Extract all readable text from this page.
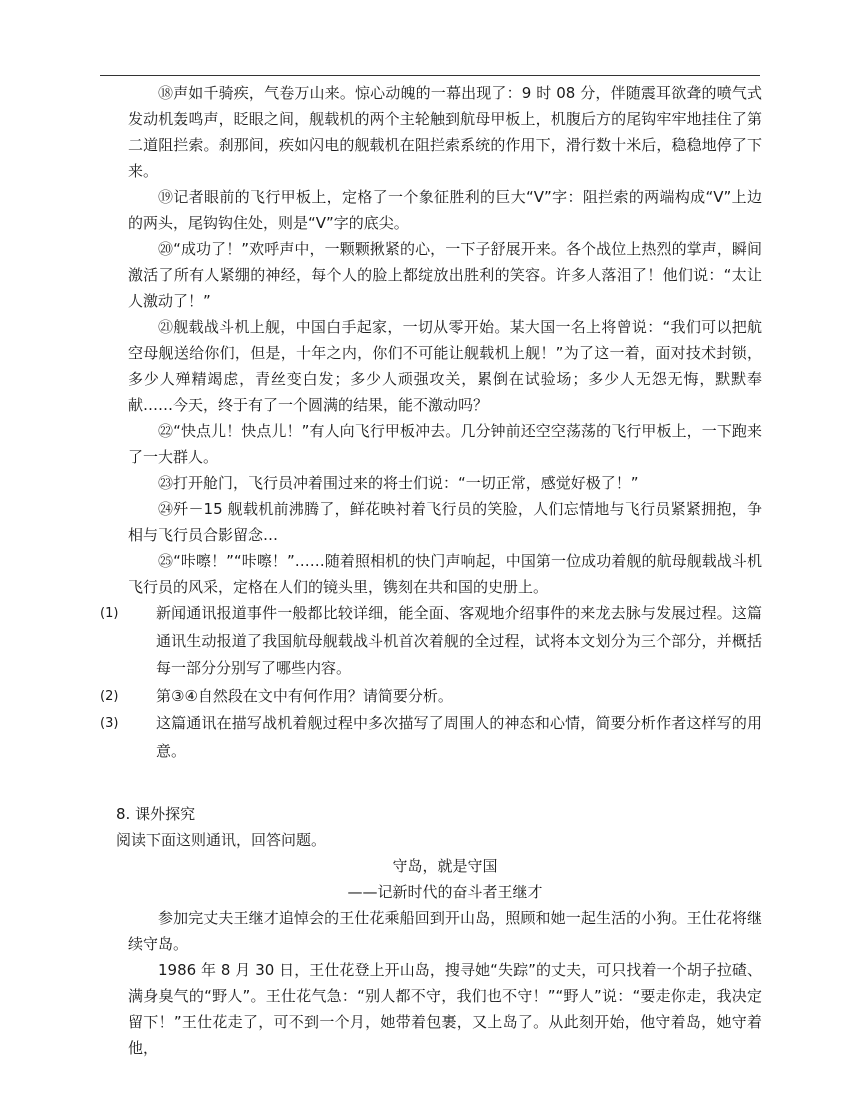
⑱声如千骑疾，气卷万山来。惊心动魄的一幕出现了：9 时 08 分，伴随震耳欲聋的喷气式发动机轰鸣声，眨眼之间，舰载机的两个主轮触到航母甲板上，机腹后方的尾钩牢牢地挂住了第二道阻拦索。刹那间，疾如闪电的舰载机在阻拦索系统的作用下，滑行数十米后，稳稳地停了下来。

⑲记者眼前的飞行甲板上，定格了一个象征胜利的巨大“V”字：阻拦索的两端构成“V”上边的两头，尾钩钩住处，则是“V”字的底尖。

⑳“成功了！”欢呼声中，一颗颗揪紧的心，一下子舒展开来。各个战位上热烈的掌声，瞬间激活了所有人紧绷的神经，每个人的脸上都绽放出胜利的笑容。许多人落泪了！他们说：“太让人激动了！”

㉑舰载战斗机上舰，中国白手起家，一切从零开始。某大国一名上将曾说：“我们可以把航空母舰送给你们，但是，十年之内，你们不可能让舰载机上舰！”为了这一着，面对技术封锁，多少人殚精竭虑，青丝变白发；多少人顽强攻关，累倒在试验场；多少人无怨无悔，默默奉献……今天，终于有了一个圆满的结果，能不激动吗？

㉒“快点儿！快点儿！”有人向飞行甲板冲去。几分钟前还空空荡荡的飞行甲板上，一下跑来了一大群人。

㉓打开舱门，飞行员冲着围过来的将士们说：“一切正常，感觉好极了！”

㉔歼－15 舰载机前沸腾了，鲜花映衬着飞行员的笑脸，人们忘情地与飞行员紧紧拥抱，争相与飞行员合影留念…

㉕“咔嚓！”“咔嚓！”……随着照相机的快门声响起，中国第一位成功着舰的航母舰载战斗机飞行员的风采，定格在人们的镜头里，镌刻在共和国的史册上。

(1)	新闻通讯报道事件一般都比较详细，能全面、客观地介绍事件的来龙去脉与发展过程。这篇通讯生动报道了我国航母舰载战斗机首次着舰的全过程，试将本文划分为三个部分，并概括每一部分分别写了哪些内容。
(2)	第③④自然段在文中有何作用？请简要分析。
(3)	这篇通讯在描写战机着舰过程中多次描写了周围人的神态和心情，简要分析作者这样写的用意。

8. 课外探究

阅读下面这则通讯，回答问题。

守岛，就是守国

——记新时代的奋斗者王继才

参加完丈夫王继才追悼会的王仕花乘船回到开山岛，照顾和她一起生活的小狗。王仕花将继续守岛。

1986 年 8 月 30 日，王仕花登上开山岛，搜寻她“失踪”的丈夫，可只找着一个胡子拉碴、满身臭气的“野人”。王仕花气急：“别人都不守，我们也不守！”“野人”说：“要走你走，我决定留下！”王仕花走了，可不到一个月，她带着包裹，又上岛了。从此刻开始，他守着岛，她守着他，
